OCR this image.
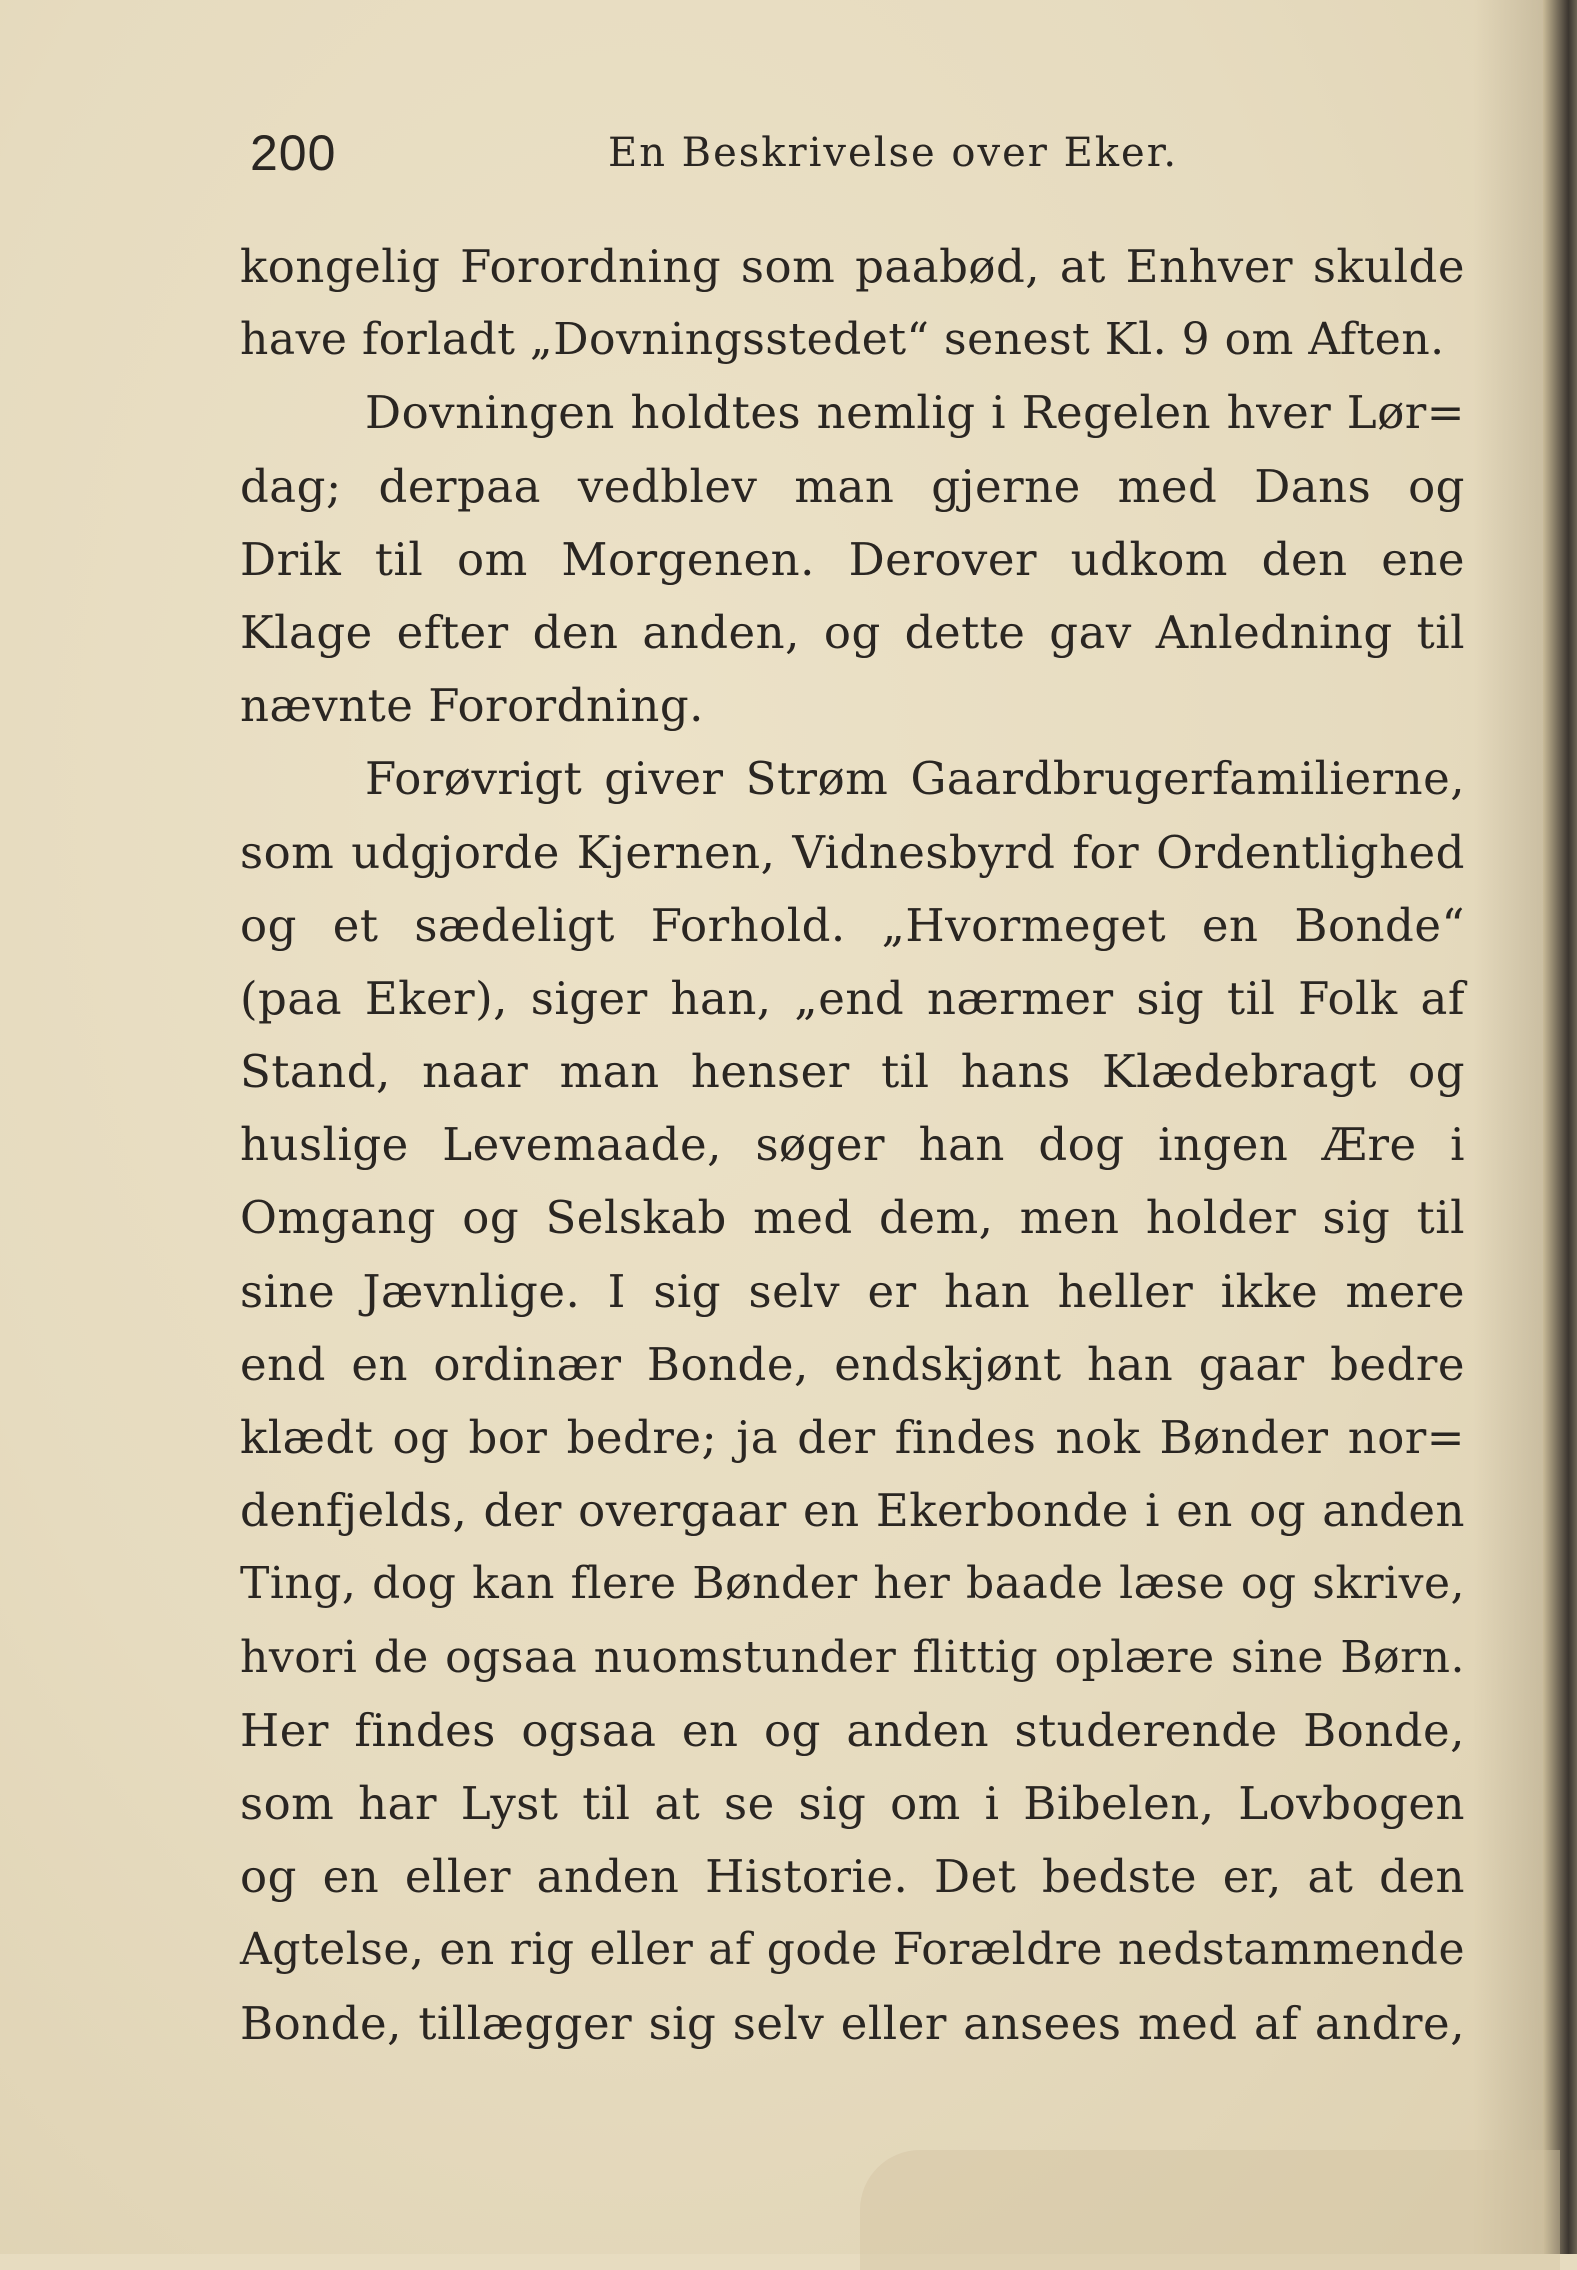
200	En Beskrivelse over Eker.
kongelig Forordning som paabød, at Enhver skulde
have forladt „Dovningsstedet“ senest Kl. 9 om Aften.
Dovningen holdtes nemlig i Regelen hver Lør=
dag; derpaa vedblev man gjerne med Dans og
Drik til om Morgenen. Derover udkom den ene
Klage efter den anden, og dette gav Anledning til
nævnte Forordning.
Forøvrigt giver Strøm Gaardbrugerfamilierne,
som udgjorde Kjernen, Vidnesbyrd for Ordentlighed
og et sædeligt Forhold. „Hvormeget en Bonde“
(paa Eker), siger han, „end nærmer sig til Folk af
Stand, naar man henser til hans Klædebragt og
huslige Levemaade, søger han dog ingen Ære i
Omgang og Selskab med dem, men holder sig til
sine Jævnlige. I sig selv er han heller ikke mere
end en ordinær Bonde, endskjønt han gaar bedre
klædt og bor bedre; ja der findes nok Bønder nor=
denfjelds, der overgaar en Ekerbonde i en og anden
Ting, dog kan flere Bønder her baade læse og skrive,
hvori de ogsaa nuomstunder flittig oplære sine Børn.
Her findes ogsaa en og anden studerende Bonde,
som har Lyst til at se sig om i Bibelen, Lovbogen
og en eller anden Historie. Det bedste er, at den
Agtelse, en rig eller af gode Forældre nedstammende
Bonde, tillægger sig selv eller ansees med af andre,
